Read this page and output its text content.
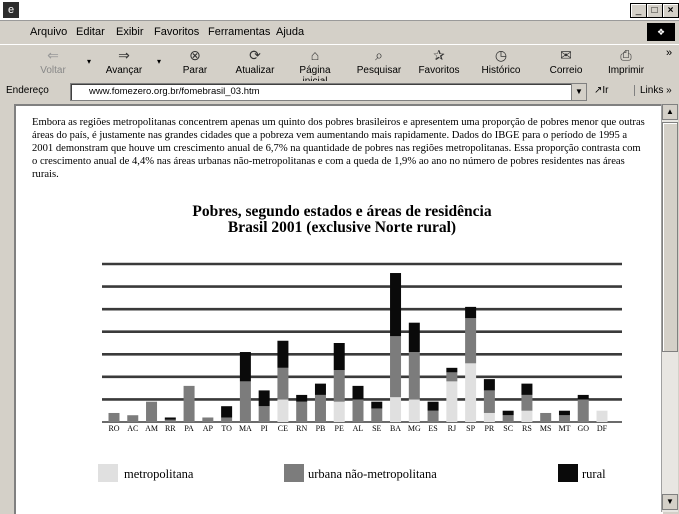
e	_	□	×
Arquivo Editar Exibir Favoritos Ferramentas Ajuda	❖
⇐
Voltar
▾	⇒
Avançar
▾	⊗
Parar
⟳
Atualizar
⌂
Página
⌕
Pesquisar
✰
Favoritos
◷
Histórico
✉
Correio
⎙
Imprimir
»
Endereço	www.fomezero.org.br/fomebrasil_03.htm	▼	↗Ir	Links »

Embora as regiões metropolitanas concentrem apenas um quinto dos pobres brasileiros e apresentem uma proporção de pobres menor que outras áreas do país, é justamente nas grandes cidades que a pobreza vem aumentando mais rapidamente. Dados do IBGE para o período de 1995 a 2001 demonstram que houve um crescimento anual de 6,7% na quantidade de pobres nas regiões metropolitanas. Essa proporção contrasta com o crescimento anual de 4,4% nas áreas urbanas não-metropolitanas e com a queda de 1,9% ao ano no número de pobres residentes nas áreas rurais.

Pobres, segundo estados e áreas de residência
Brasil 2001 (exclusive Norte rural)
RO AC AM RR PA AP TO MA PI CE RN PB PE AL SE BA MG ES RJ SP PR SC RS MS MT GO DF
metropolitana	urbana não-metropolitana	rural
▲
▼
